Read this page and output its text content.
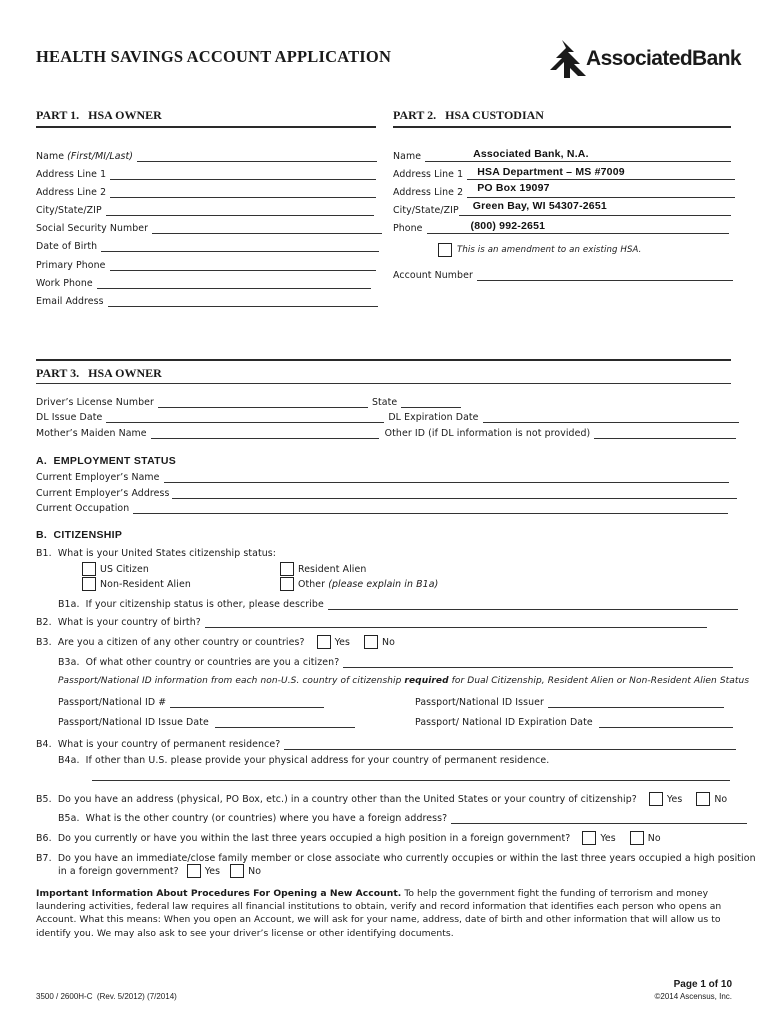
HEALTH SAVINGS ACCOUNT APPLICATION	AssociatedBank
PART 1.   HSA OWNER	PART 2.   HSA CUSTODIAN
Name (First/MI/Last)
Address Line 1
Address Line 2
City/State/ZIP
Social Security Number
Date of Birth
Primary Phone
Work Phone
Email Address
Name	Associated Bank, N.A.
Address Line 1 HSA Department – MS #7009
Address Line 2 PO Box 19097
City/State/ZIP Green Bay, WI 54307-2651
Phone	(800) 992-2651
This is an amendment to an existing HSA.
Account Number
PART 3.   HSA OWNER
Driver’s License Number	State
DL Issue Date	DL Expiration Date
Mother’s Maiden Name	Other ID (if DL information is not provided)
A.  EMPLOYMENT STATUS
Current Employer’s Name
Current Employer’s Address
Current Occupation
B.  CITIZENSHIP
B1.  What is your United States citizenship status:
US Citizen
Non-Resident Alien
Resident Alien
Other (please explain in B1a)
B1a.  If your citizenship status is other, please describe
B2.  What is your country of birth?
B3.  Are you a citizen of any other country or countries?	Yes	No
B3a.  Of what other country or countries are you a citizen?
Passport/National ID information from each non-U.S. country of citizenship required for Dual Citizenship, Resident Alien or Non-Resident Alien Status
Passport/National ID #	Passport/National ID Issuer
Passport/National ID Issue Date	Passport/ National ID Expiration Date
B4.  What is your country of permanent residence?
B4a.  If other than U.S. please provide your physical address for your country of permanent residence.
B5.  Do you have an address (physical, PO Box, etc.) in a country other than the United States or your country of citizenship?	Yes	No
B5a.  What is the other country (or countries) where you have a foreign address?
B6.  Do you currently or have you within the last three years occupied a high position in a foreign government?	Yes	No
B7.  Do you have an immediate/close family member or close associate who currently occupies or within the last three years occupied a high position
in a foreign government?	Yes	No
Important Information About Procedures For Opening a New Account. To help the government fight the funding of terrorism and money laundering activities, federal law requires all financial institutions to obtain, verify and record information that identifies each person who opens an Account. What this means: When you open an Account, we will ask for your name, address, date of birth and other information that will allow us to identify you. We may also ask to see your driver’s license or other identifying documents.
3500 / 2600H-C  (Rev. 5/2012) (7/2014)
Page 1 of 10
©2014 Ascensus, Inc.
